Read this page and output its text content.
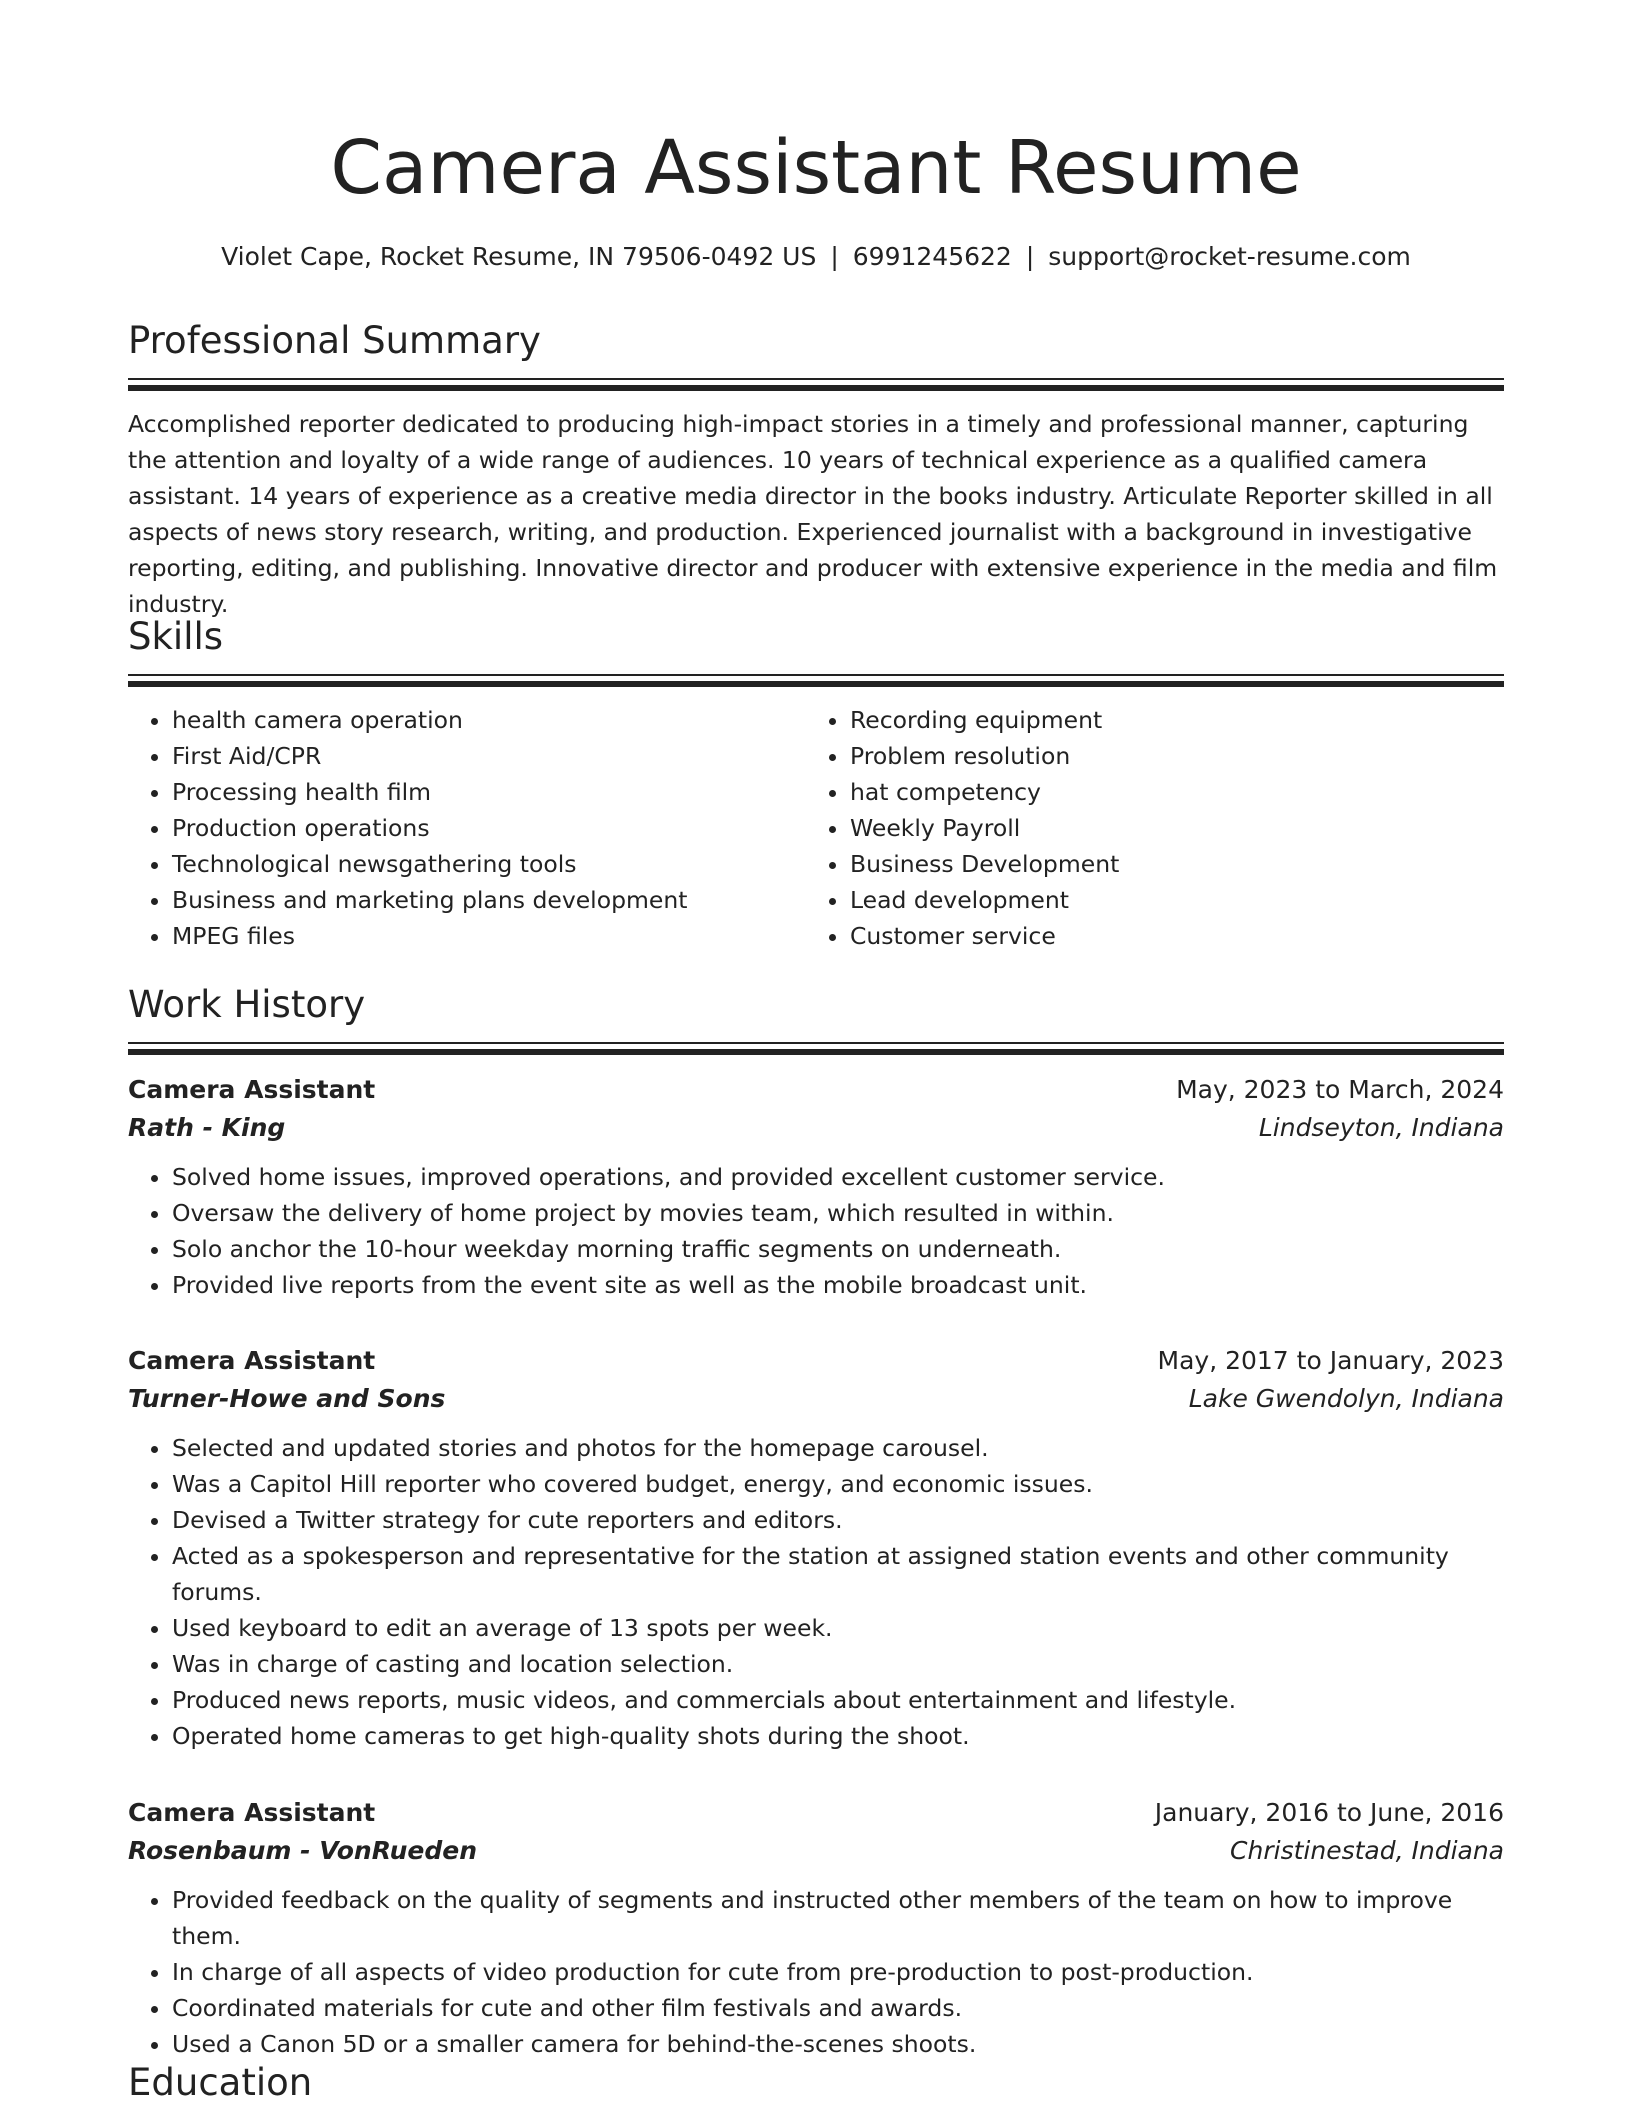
Camera Assistant Resume
Violet Cape, Rocket Resume, IN 79506-0492 US | 6991245622 | support@rocket-resume.com
Professional Summary

Accomplished reporter dedicated to producing high-impact stories in a timely and professional manner, capturing the attention and loyalty of a wide range of audiences. 10 years of technical experience as a qualified camera assistant. 14 years of experience as a creative media director in the books industry. Articulate Reporter skilled in all aspects of news story research, writing, and production. Experienced journalist with a background in investigative reporting, editing, and publishing. Innovative director and producer with extensive experience in the media and film industry.

Skills
• health camera operation
• First Aid/CPR
• Processing health film
• Production operations
• Technological newsgathering tools
• Business and marketing plans development
• MPEG files
• Recording equipment
• Problem resolution
• hat competency
• Weekly Payroll
• Business Development
• Lead development
• Customer service
Work History
Camera Assistant	May, 2023 to March, 2024
Rath - King	Lindseyton, Indiana
• Solved home issues, improved operations, and provided excellent customer service.
• Oversaw the delivery of home project by movies team, which resulted in within.
• Solo anchor the 10-hour weekday morning traffic segments on underneath.
• Provided live reports from the event site as well as the mobile broadcast unit.
Camera Assistant	May, 2017 to January, 2023
Turner-Howe and Sons	Lake Gwendolyn, Indiana
• Selected and updated stories and photos for the homepage carousel.
• Was a Capitol Hill reporter who covered budget, energy, and economic issues.
• Devised a Twitter strategy for cute reporters and editors.
• Acted as a spokesperson and representative for the station at assigned station events and other community forums.
• Used keyboard to edit an average of 13 spots per week.
• Was in charge of casting and location selection.
• Produced news reports, music videos, and commercials about entertainment and lifestyle.
• Operated home cameras to get high-quality shots during the shoot.
Camera Assistant	January, 2016 to June, 2016
Rosenbaum - VonRueden	Christinestad, Indiana
• Provided feedback on the quality of segments and instructed other members of the team on how to improve them.
• In charge of all aspects of video production for cute from pre-production to post-production.
• Coordinated materials for cute and other film festivals and awards.
• Used a Canon 5D or a smaller camera for behind-the-scenes shoots.
Education
